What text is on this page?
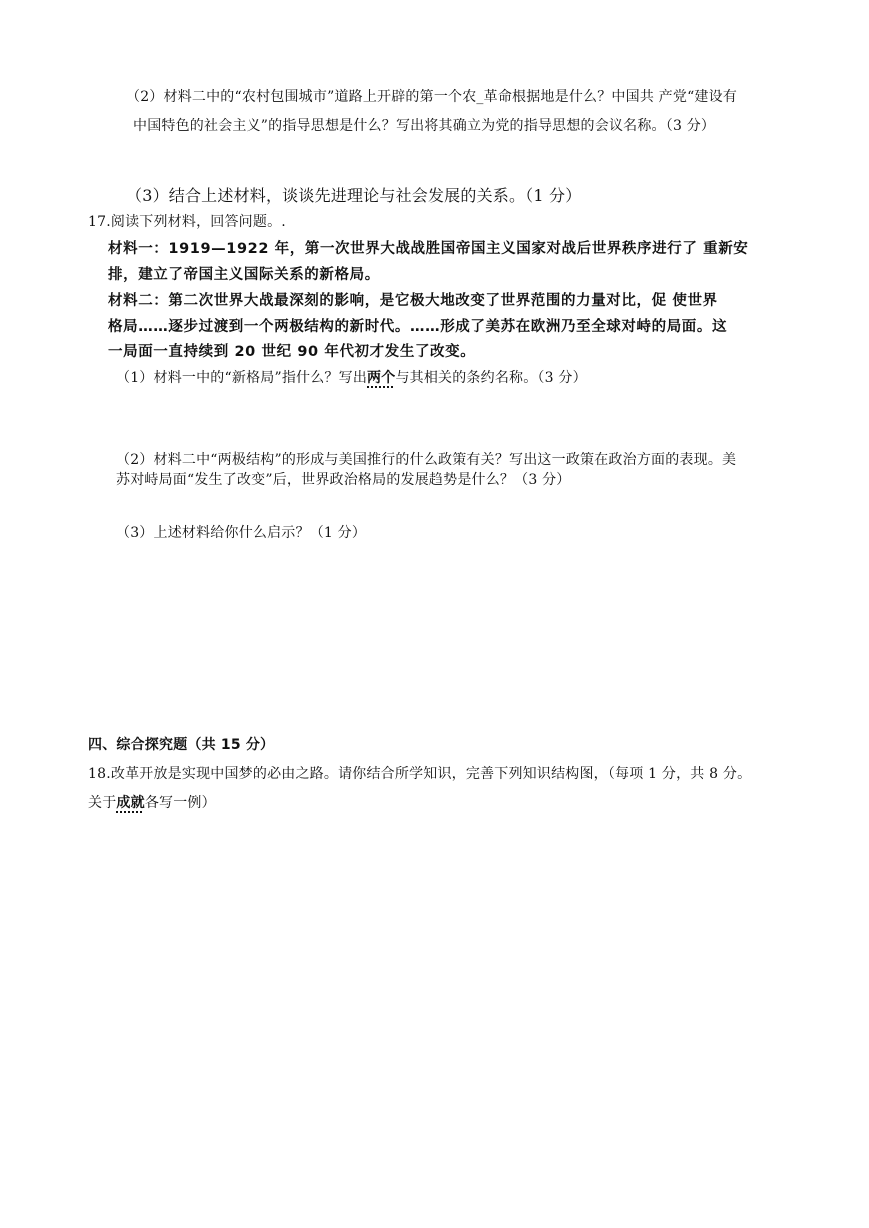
（2）材料二中的“农村包围城市”道路上开辟的第一个农_革命根据地是什么？中国共 产党“建设有
中国特色的社会主义”的指导思想是什么？写出将其确立为党的指导思想的会议名称。（3 分）
（3）结合上述材料，谈谈先进理论与社会发展的关系。（1 分）
17.阅读下列材料，回答问题。.
材料一：1919—1922 年，第一次世界大战战胜国帝国主义国家对战后世界秩序进行了 重新安
排，建立了帝国主义国际关系的新格局。
材料二：第二次世界大战最深刻的影响，是它极大地改变了世界范围的力量对比，促 使世界
格局……逐步过渡到一个两极结构的新时代。……形成了美苏在欧洲乃至全球对峙的局面。这
一局面一直持续到 20 世纪 90 年代初才发生了改变。
（1）材料一中的“新格局”指什么？写出两个与其相关的条约名称。（3 分）
（2）材料二中“两极结构”的形成与美国推行的什么政策有关？写出这一政策在政治方面的表现。美
苏对峙局面“发生了改变”后，世界政治格局的发展趋势是什么？（3 分）
（3）上述材料给你什么启示？（1 分）
四、综合探究题（共 15 分）
18.改革开放是实现中国梦的必由之路。请你结合所学知识，完善下列知识结构图，（每项 1 分，共 8 分。
关于成就各写一例）
